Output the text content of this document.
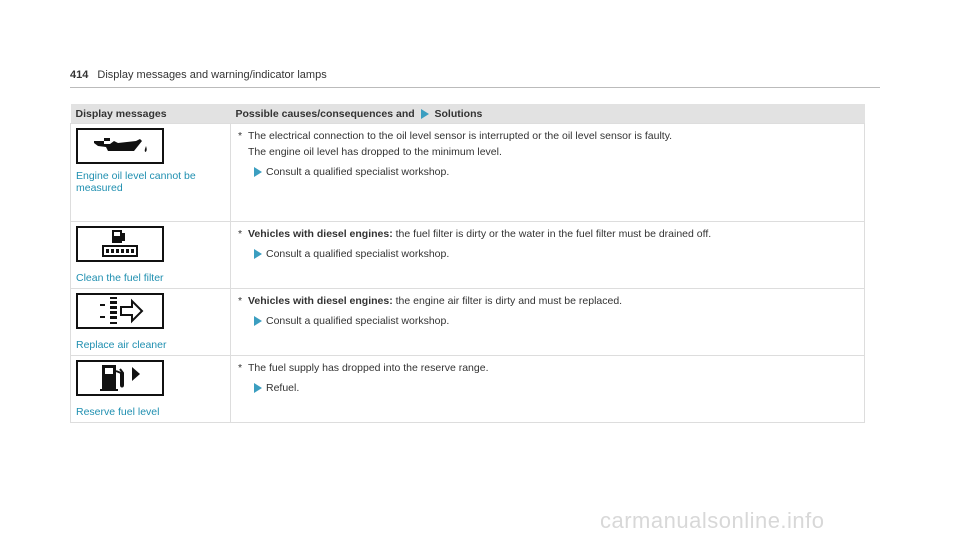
414 Display messages and warning/indicator lamps
Display messages	Possible causes/consequences and Solutions

Engine oil level cannot be measured	* The electrical connection to the oil level sensor is interrupted or the oil level sensor is faulty.
The engine oil level has dropped to the minimum level.
Consult a qualified specialist workshop.

Clean the fuel filter	* Vehicles with diesel engines: the fuel filter is dirty or the water in the fuel filter must be drained off.
Consult a qualified specialist workshop.

Replace air cleaner	* Vehicles with diesel engines: the engine air filter is dirty and must be replaced.
Consult a qualified specialist workshop.

Reserve fuel level	* The fuel supply has dropped into the reserve range.
Refuel.
carmanualsonline.info
